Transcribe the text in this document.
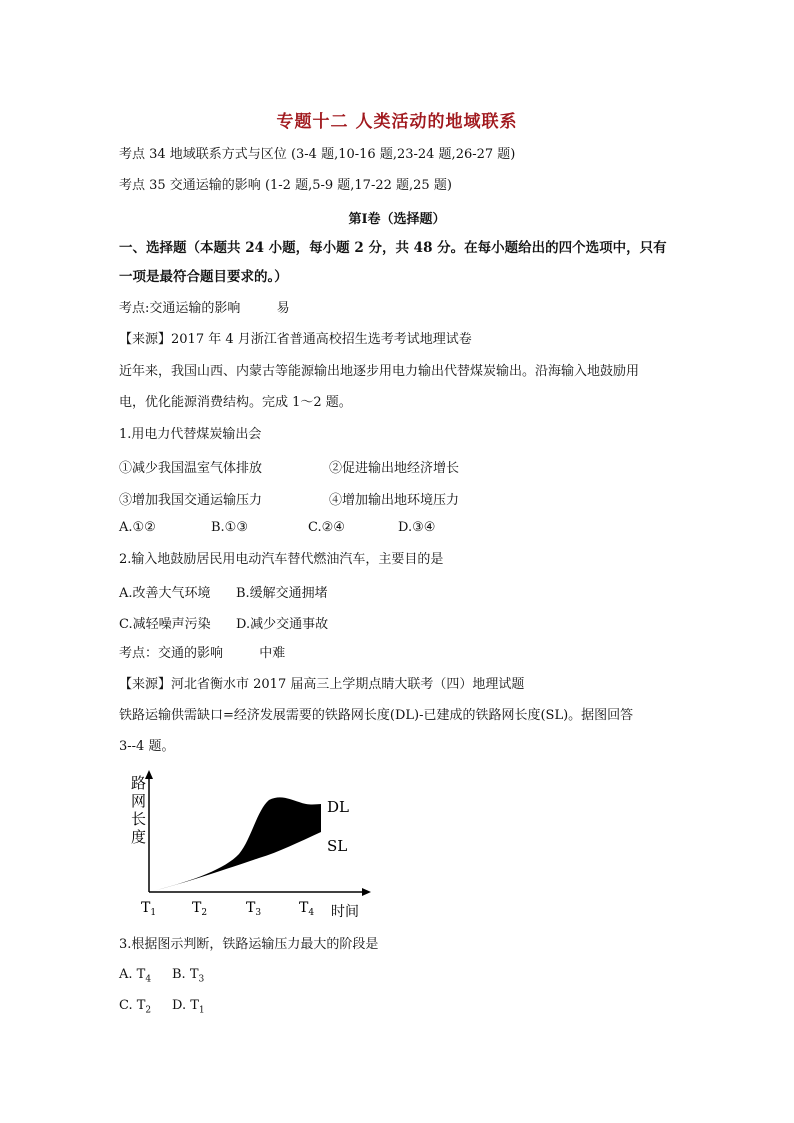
专题十二 人类活动的地域联系
考点 34 地域联系方式与区位 (3-4 题,10-16 题,23-24 题,26-27 题)
考点 35 交通运输的影响 (1-2 题,5-9 题,17-22 题,25 题)
第Ⅰ卷（选择题）
一、选择题（本题共 24 小题，每小题 2 分，共 48 分。在每小题给出的四个选项中，只有
一项是最符合题目要求的。）
考点:交通运输的影响	易
【来源】2017 年 4 月浙江省普通高校招生选考考试地理试卷
近年来，我国山西、内蒙古等能源输出地逐步用电力输出代替煤炭输出。沿海输入地鼓励用
电，优化能源消费结构。完成 1～2 题。
1.用电力代替煤炭输出会
①减少我国温室气体排放	②促进输出地经济增长
③增加我国交通运输压力	④增加输出地环境压力
A.①②	B.①③	C.②④	D.③④
2.输入地鼓励居民用电动汽车替代燃油汽车，主要目的是
A.改善大气环境 B.缓解交通拥堵
C.减轻噪声污染 D.减少交通事故
考点：交通的影响	中难
【来源】河北省衡水市 2017 届高三上学期点睛大联考（四）地理试题
铁路运输供需缺口=经济发展需要的铁路网长度(DL)-已建成的铁路网长度(SL)。据图回答
3--4 题。
路
网
长
度
DL
SL
$T_1$	$T_2$	$T_3$	$T_4$ 时间
3.根据图示判断，铁路运输压力最大的阶段是
A. $T_4$ B. $T_3$
C. $T_2$ D. $T_1$
